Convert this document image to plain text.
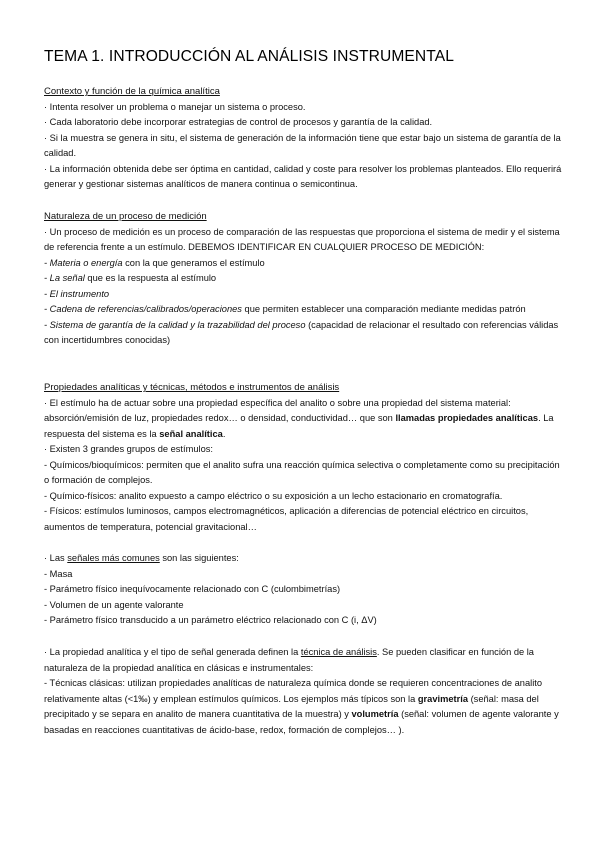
TEMA 1. INTRODUCCIÓN AL ANÁLISIS INSTRUMENTAL
Contexto y función de la química analítica

· Intenta resolver un problema o manejar un sistema o proceso.

· Cada laboratorio debe incorporar estrategias de control de procesos y garantía de la calidad.

· Si la muestra se genera in situ, el sistema de generación de la información tiene que estar bajo un sistema de garantía de la calidad.

· La información obtenida debe ser óptima en cantidad, calidad y coste para resolver los problemas planteados. Ello requerirá generar y gestionar sistemas analíticos de manera continua o semicontinua.

Naturaleza de un proceso de medición

· Un proceso de medición es un proceso de comparación de las respuestas que proporciona el sistema de medir y el sistema de referencia frente a un estímulo. DEBEMOS IDENTIFICAR EN CUALQUIER PROCESO DE MEDICIÓN:

- Materia o energía con la que generamos el estímulo

- La señal que es la respuesta al estímulo

- El instrumento

- Cadena de referencias/calibrados/operaciones que permiten establecer una comparación mediante medidas patrón

- Sistema de garantía de la calidad y la trazabilidad del proceso (capacidad de relacionar el resultado con referencias válidas con incertidumbres conocidas)

Propiedades analíticas y técnicas, métodos e instrumentos de análisis

· El estímulo ha de actuar sobre una propiedad específica del analito o sobre una propiedad del sistema material: absorción/emisión de luz, propiedades redox… o densidad, conductividad… que son llamadas propiedades analíticas. La respuesta del sistema es la señal analítica.

· Existen 3 grandes grupos de estímulos:

- Químicos/bioquímicos: permiten que el analito sufra una reacción química selectiva o completamente como su precipitación o formación de complejos.

- Químico-físicos: analito expuesto a campo eléctrico o su exposición a un lecho estacionario en cromatografía.

- Físicos: estímulos luminosos, campos electromagnéticos, aplicación a diferencias de potencial eléctrico en circuitos, aumentos de temperatura, potencial gravitacional…

· Las señales más comunes son las siguientes:

- Masa

- Parámetro físico inequívocamente relacionado con C (culombimetrías)

- Volumen de un agente valorante

- Parámetro físico transducido a un parámetro eléctrico relacionado con C (i, ΔV)

· La propiedad analítica y el tipo de señal generada definen la técnica de análisis. Se pueden clasificar en función de la naturaleza de la propiedad analítica en clásicas e instrumentales:

- Técnicas clásicas: utilizan propiedades analíticas de naturaleza química donde se requieren concentraciones de analito relativamente altas (<1‰) y emplean estímulos químicos. Los ejemplos más típicos son la gravimetría (señal: masa del precipitado y se separa en analito de manera cuantitativa de la muestra) y volumetría (señal: volumen de agente valorante y basadas en reacciones cuantitativas de ácido-base, redox, formación de complejos… ).
